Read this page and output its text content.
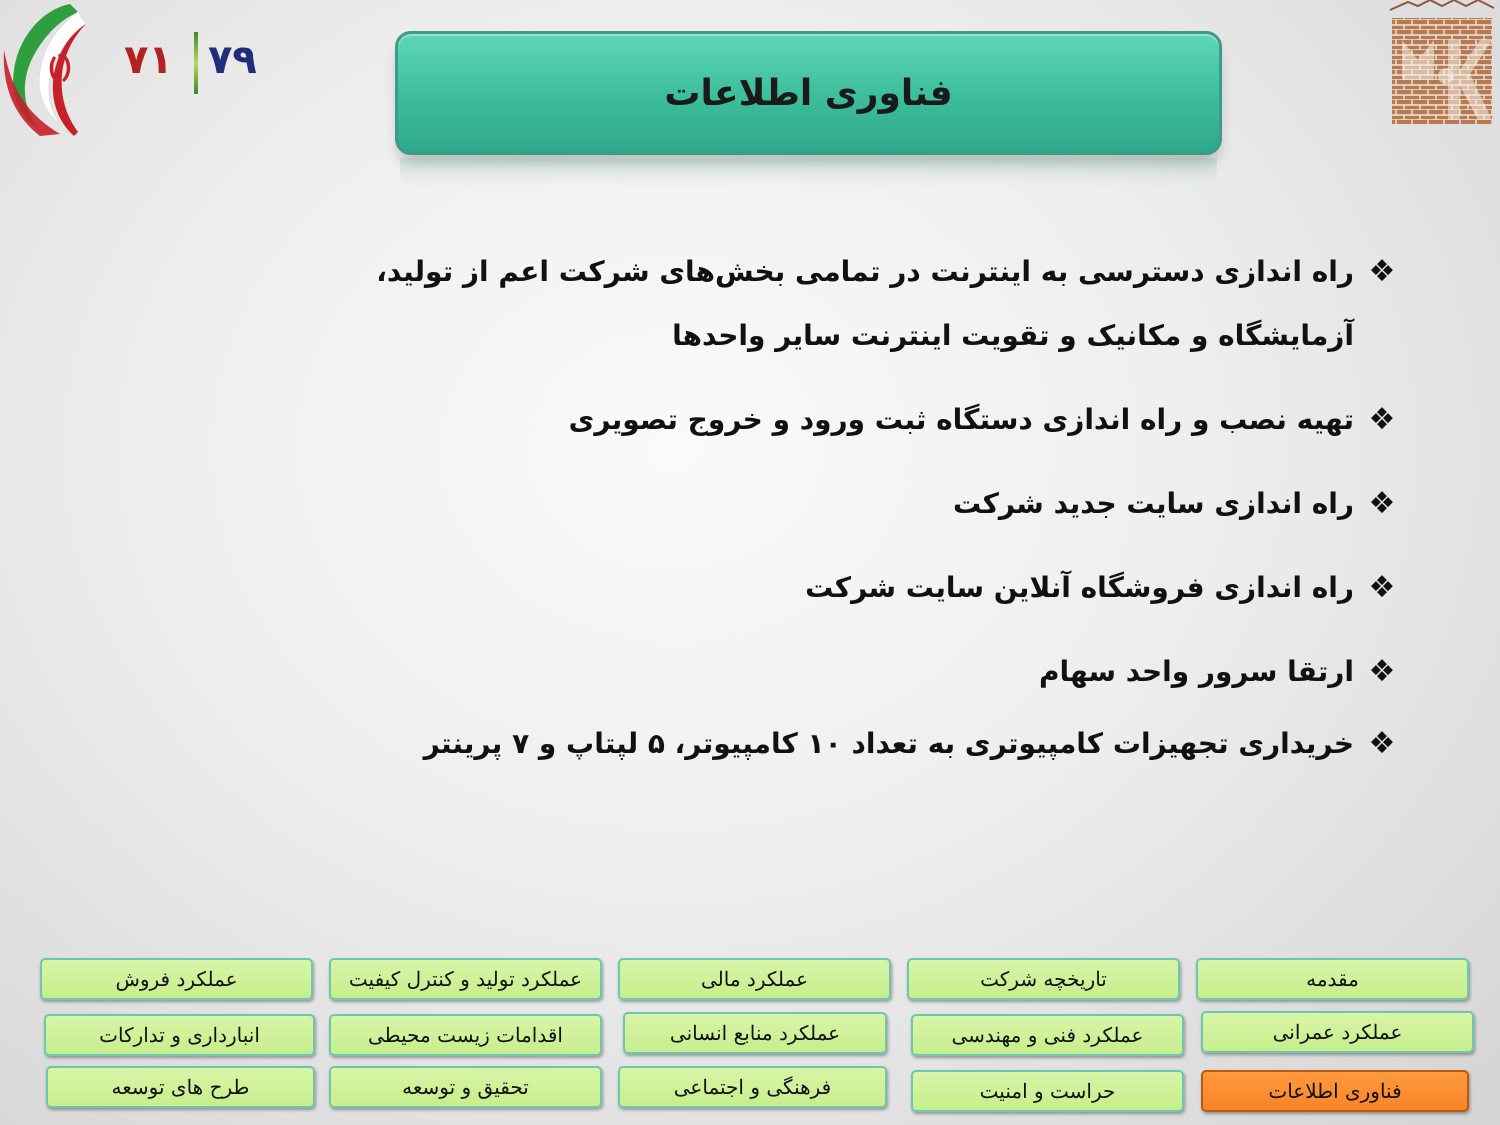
۷۱ ۷۹
فناوری اطلاعات
❖
راه اندازی دسترسی به اینترنت در تمامی بخش‌های شرکت اعم از تولید، آزمایشگاه و مکانیک و تقویت اینترنت سایر واحدها
❖
تهیه نصب و راه اندازی دستگاه ثبت ورود و خروج تصویری
❖
راه اندازی سایت جدید شرکت
❖
راه اندازی فروشگاه آنلاین سایت شرکت
❖
ارتقا سرور واحد سهام
❖
خریداری تجهیزات کامپیوتری به تعداد ۱۰ کامپیوتر، ۵ لپتاپ و ۷ پرینتر
مقدمه
تاریخچه شرکت
عملکرد مالی
عملکرد تولید و کنترل کیفیت
عملکرد فروش
عملکرد عمرانی
عملکرد فنی و مهندسی
عملکرد منابع انسانی
اقدامات زیست محیطی
انبارداری و تدارکات
فناوری اطلاعات
حراست و امنیت
فرهنگی و اجتماعی
تحقیق و توسعه
طرح های توسعه
